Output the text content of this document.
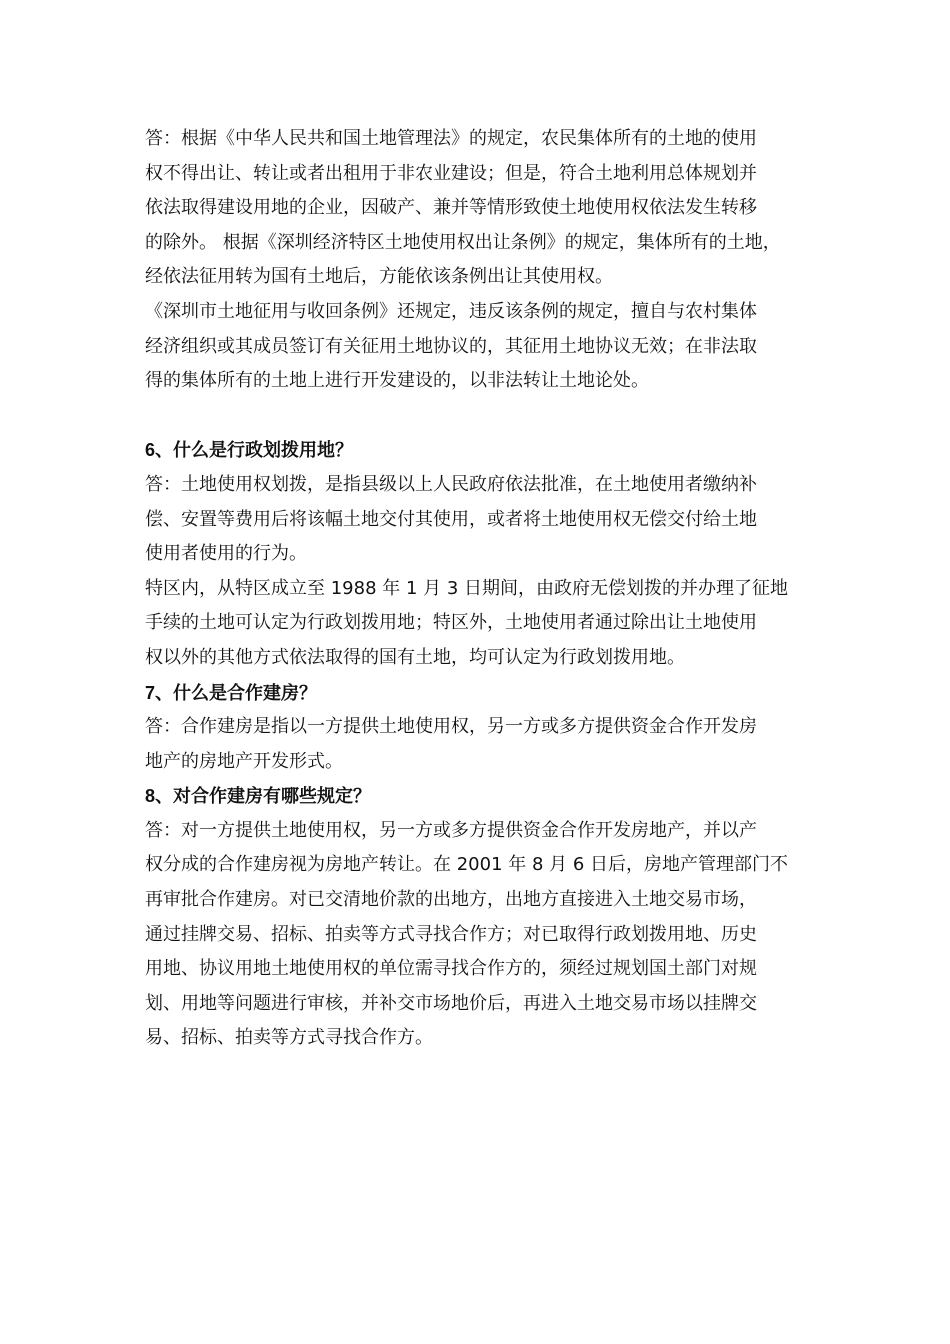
答：根据《中华人民共和国土地管理法》的规定，农民集体所有的土地的使用
权不得出让、转让或者出租用于非农业建设；但是，符合土地利用总体规划并
依法取得建设用地的企业，因破产、兼并等情形致使土地使用权依法发生转移
的除外。 根据《深圳经济特区土地使用权出让条例》的规定，集体所有的土地，
经依法征用转为国有土地后，方能依该条例出让其使用权。
《深圳市土地征用与收回条例》还规定，违反该条例的规定，擅自与农村集体
经济组织或其成员签订有关征用土地协议的，其征用土地协议无效；在非法取
得的集体所有的土地上进行开发建设的，以非法转让土地论处。
6、什么是行政划拨用地？
答：土地使用权划拨，是指县级以上人民政府依法批准，在土地使用者缴纳补
偿、安置等费用后将该幅土地交付其使用，或者将土地使用权无偿交付给土地
使用者使用的行为。
特区内，从特区成立至 1988 年 1 月 3 日期间，由政府无偿划拨的并办理了征地
手续的土地可认定为行政划拨用地；特区外，土地使用者通过除出让土地使用
权以外的其他方式依法取得的国有土地，均可认定为行政划拨用地。
7、什么是合作建房？
答：合作建房是指以一方提供土地使用权，另一方或多方提供资金合作开发房
地产的房地产开发形式。
8、对合作建房有哪些规定？
答：对一方提供土地使用权，另一方或多方提供资金合作开发房地产，并以产
权分成的合作建房视为房地产转让。在 2001 年 8 月 6 日后，房地产管理部门不
再审批合作建房。对已交清地价款的出地方，出地方直接进入土地交易市场，
通过挂牌交易、招标、拍卖等方式寻找合作方；对已取得行政划拨用地、历史
用地、协议用地土地使用权的单位需寻找合作方的，须经过规划国土部门对规
划、用地等问题进行审核，并补交市场地价后，再进入土地交易市场以挂牌交
易、招标、拍卖等方式寻找合作方。
